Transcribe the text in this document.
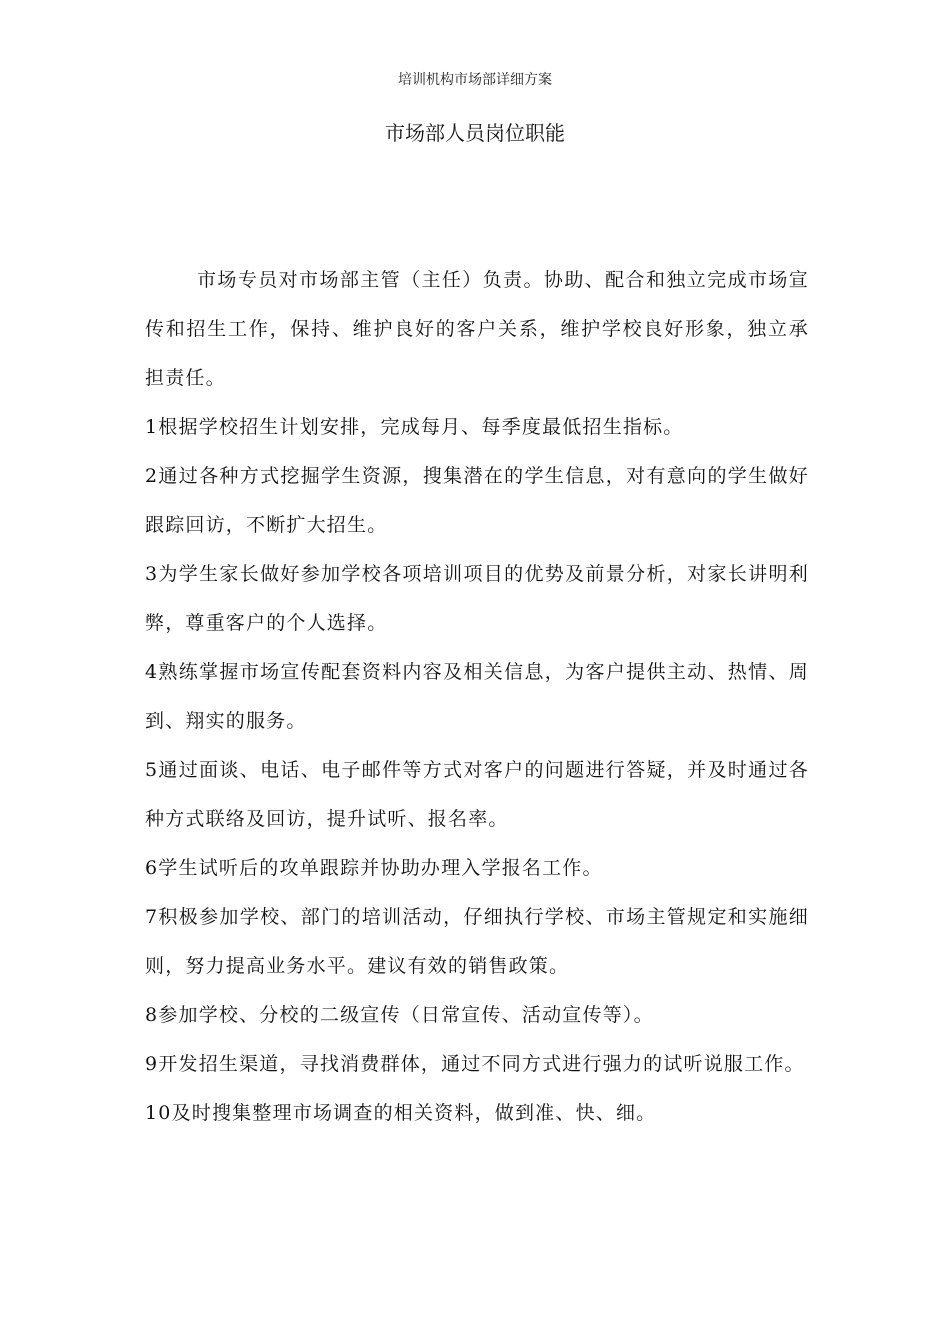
培训机构市场部详细方案
市场部人员岗位职能

市场专员对市场部主管（主任）负责。协助、配合和独立完成市场宣传和招生工作，保持、维护良好的客户关系，维护学校良好形象，独立承担责任。

1根据学校招生计划安排，完成每月、每季度最低招生指标。

2通过各种方式挖掘学生资源，搜集潜在的学生信息，对有意向的学生做好跟踪回访，不断扩大招生。

3为学生家长做好参加学校各项培训项目的优势及前景分析，对家长讲明利弊，尊重客户的个人选择。

4熟练掌握市场宣传配套资料内容及相关信息，为客户提供主动、热情、周到、翔实的服务。

5通过面谈、电话、电子邮件等方式对客户的问题进行答疑，并及时通过各种方式联络及回访，提升试听、报名率。

6学生试听后的攻单跟踪并协助办理入学报名工作。

7积极参加学校、部门的培训活动，仔细执行学校、市场主管规定和实施细则，努力提高业务水平。建议有效的销售政策。

8参加学校、分校的二级宣传（日常宣传、活动宣传等）。

9开发招生渠道，寻找消费群体，通过不同方式进行强力的试听说服工作。

10及时搜集整理市场调查的相关资料，做到准、快、细。
